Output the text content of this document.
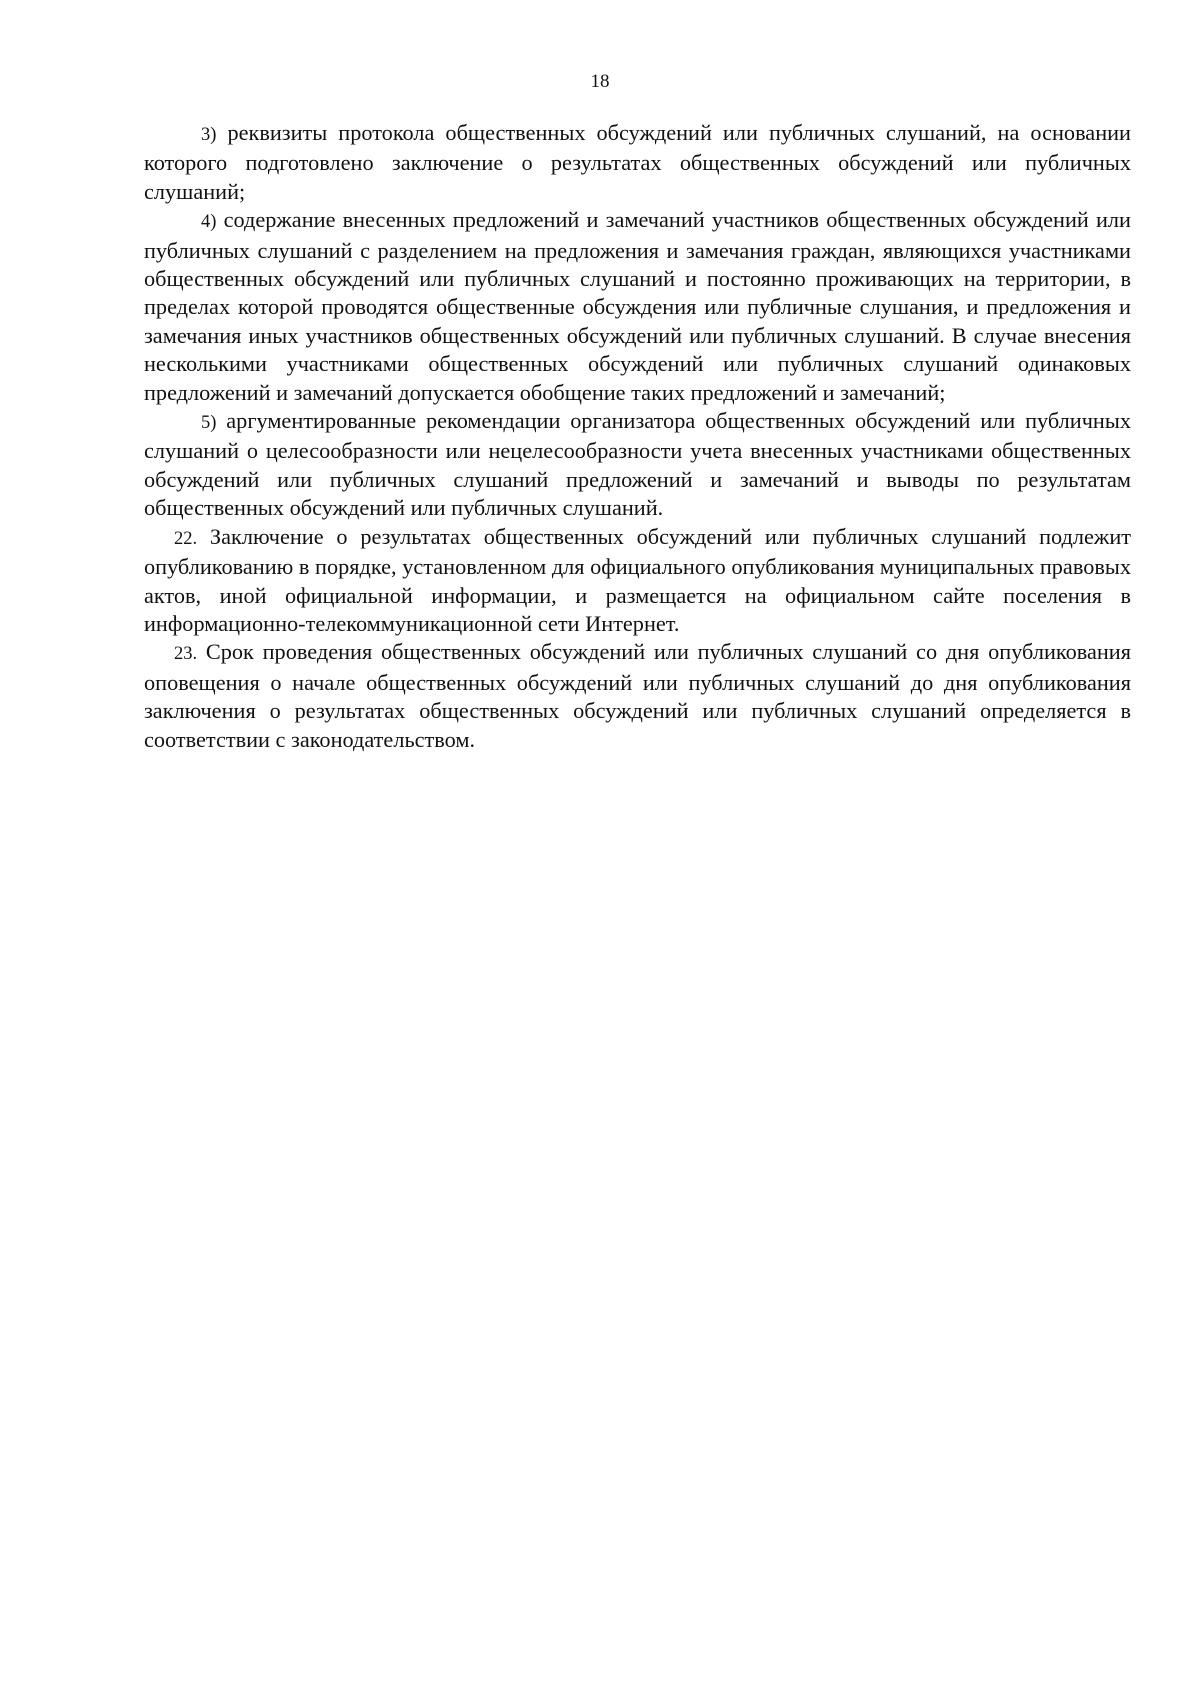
18

3) реквизиты протокола общественных обсуждений или публичных слушаний, на основании которого подготовлено заключение о результатах общественных обсуждений или публичных слушаний;

4) содержание внесенных предложений и замечаний участников общественных обсуждений или публичных слушаний с разделением на предложения и замечания граждан, являющихся участниками общественных обсуждений или публичных слушаний и постоянно проживающих на территории, в пределах которой проводятся общественные обсуждения или публичные слушания, и предложения и замечания иных участников общественных обсуждений или публичных слушаний. В случае внесения несколькими участниками общественных обсуждений или публичных слушаний одинаковых предложений и замечаний допускается обобщение таких предложений и замечаний;

5) аргументированные рекомендации организатора общественных обсуждений или публичных слушаний о целесообразности или нецелесообразности учета внесенных участниками общественных обсуждений или публичных слушаний предложений и замечаний и выводы по результатам общественных обсуждений или публичных слушаний.

22. Заключение о результатах общественных обсуждений или публичных слушаний подлежит опубликованию в порядке, установленном для официального опубликования муниципальных правовых актов, иной официальной информации, и размещается на официальном сайте поселения в информационно-телекоммуникационной сети Интернет.

23. Срок проведения общественных обсуждений или публичных слушаний со дня опубликования оповещения о начале общественных обсуждений или публичных слушаний до дня опубликования заключения о результатах общественных обсуждений или публичных слушаний определяется в соответствии с законодательством.
